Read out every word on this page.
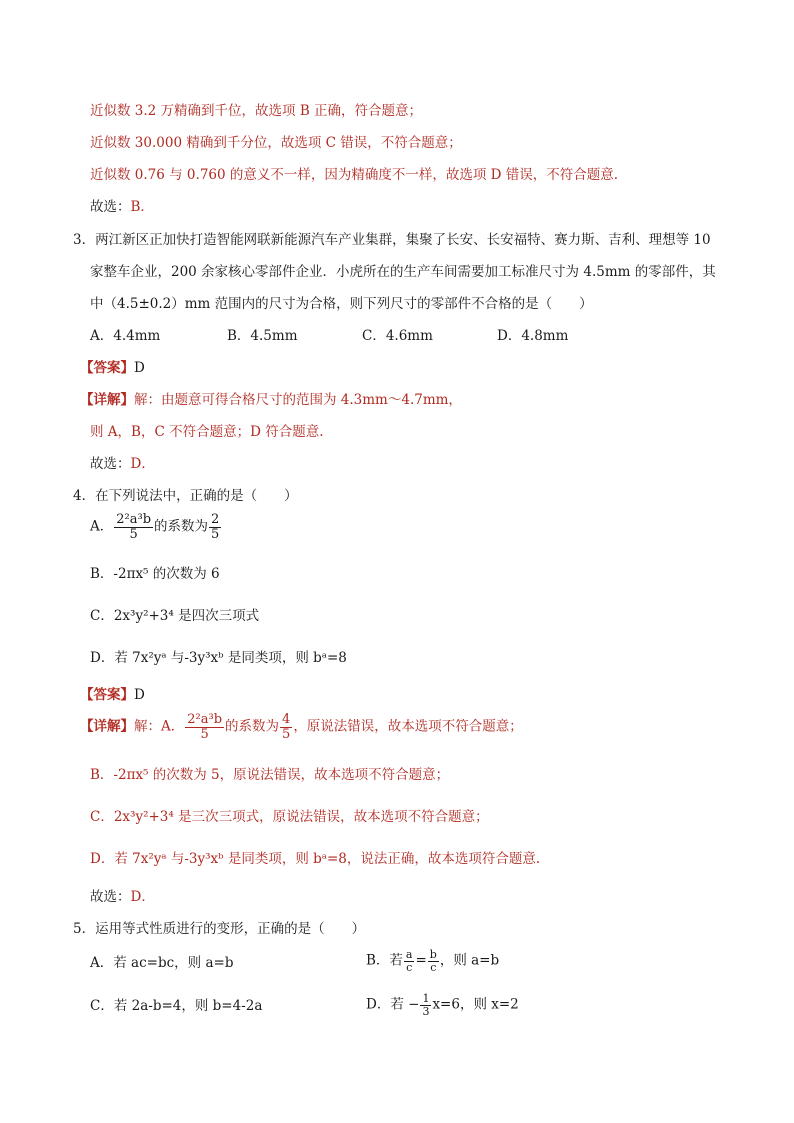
近似数 3.2 万精确到千位，故选项 B 正确，符合题意；
近似数 30.000 精确到千分位，故选项 C 错误，不符合题意；
近似数 0.76 与 0.760 的意义不一样，因为精确度不一样，故选项 D 错误，不符合题意.
故选：B．
3．两江新区正加快打造智能网联新能源汽车产业集群，集聚了长安、长安福特、赛力斯、吉利、理想等 10
家整车企业，200 余家核心零部件企业．小虎所在的生产车间需要加工标准尺寸为 4.5mm 的零部件，其
中（4.5±0.2）mm 范围内的尺寸为合格，则下列尺寸的零部件不合格的是（　　）
A．4.4mm	B．4.5mm	C．4.6mm	D．4.8mm
【答案】D
【详解】解：由题意可得合格尺寸的范围为 4.3mm～4.7mm，
则 A，B，C 不符合题意；D 符合题意.
故选：D．
4．在下列说法中，正确的是（　　）
A． $\frac{\text{2²a³b}}{5}$ 的系数为 $\frac{2}{5}$
B．-2πx⁵ 的次数为 6
C．2x³y²+3⁴ 是四次三项式
D．若 7x²yᵃ 与-3y³xᵇ 是同类项，则 bᵃ=8
【答案】D
【详解】解：A． $\frac{\text{2²a³b}}{5}$ 的系数为 $\frac{4}{5}$ ，原说法错误，故本选项不符合题意；
B．-2πx⁵ 的次数为 5，原说法错误，故本选项不符合题意；
C．2x³y²+3⁴ 是三次三项式，原说法错误，故本选项不符合题意；
D．若 7x²yᵃ 与-3y³xᵇ 是同类项，则 bᵃ=8，说法正确，故本选项符合题意.
故选：D．
5．运用等式性质进行的变形，正确的是（　　）
A．若 ac=bc，则 a=b	B．若 $\frac{a}{c} = \frac{b}{c}$ ，则 a=b
C．若 2a-b=4，则 b=4-2a	D．若 − $\frac{1}{3} x=6$，则 x=2
